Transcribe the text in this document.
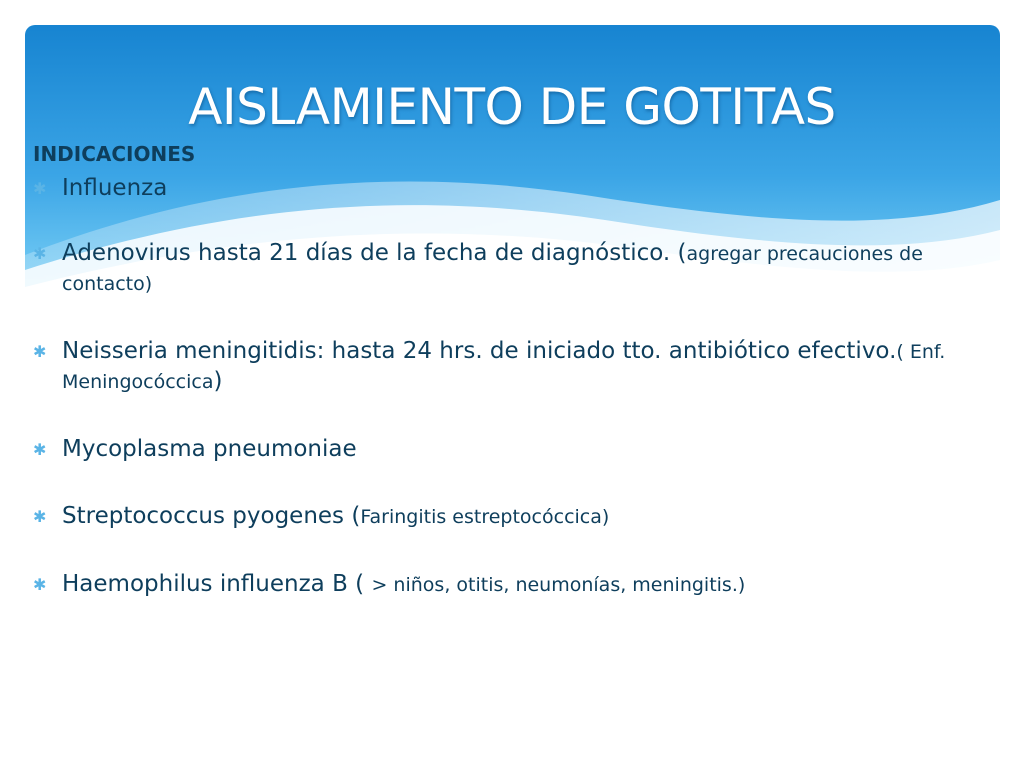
AISLAMIENTO DE GOTITAS
INDICACIONES
✱ Influenza
✱ Adenovirus hasta 21 días de la fecha de diagnóstico. (agregar precauciones de contacto)
✱ Neisseria meningitidis: hasta 24 hrs. de iniciado tto. antibiótico efectivo.( Enf. Meningocóccica)
✱ Mycoplasma pneumoniae
✱ Streptococcus pyogenes (Faringitis estreptocóccica)
✱ Haemophilus influenza B ( > niños, otitis, neumonías, meningitis.)
